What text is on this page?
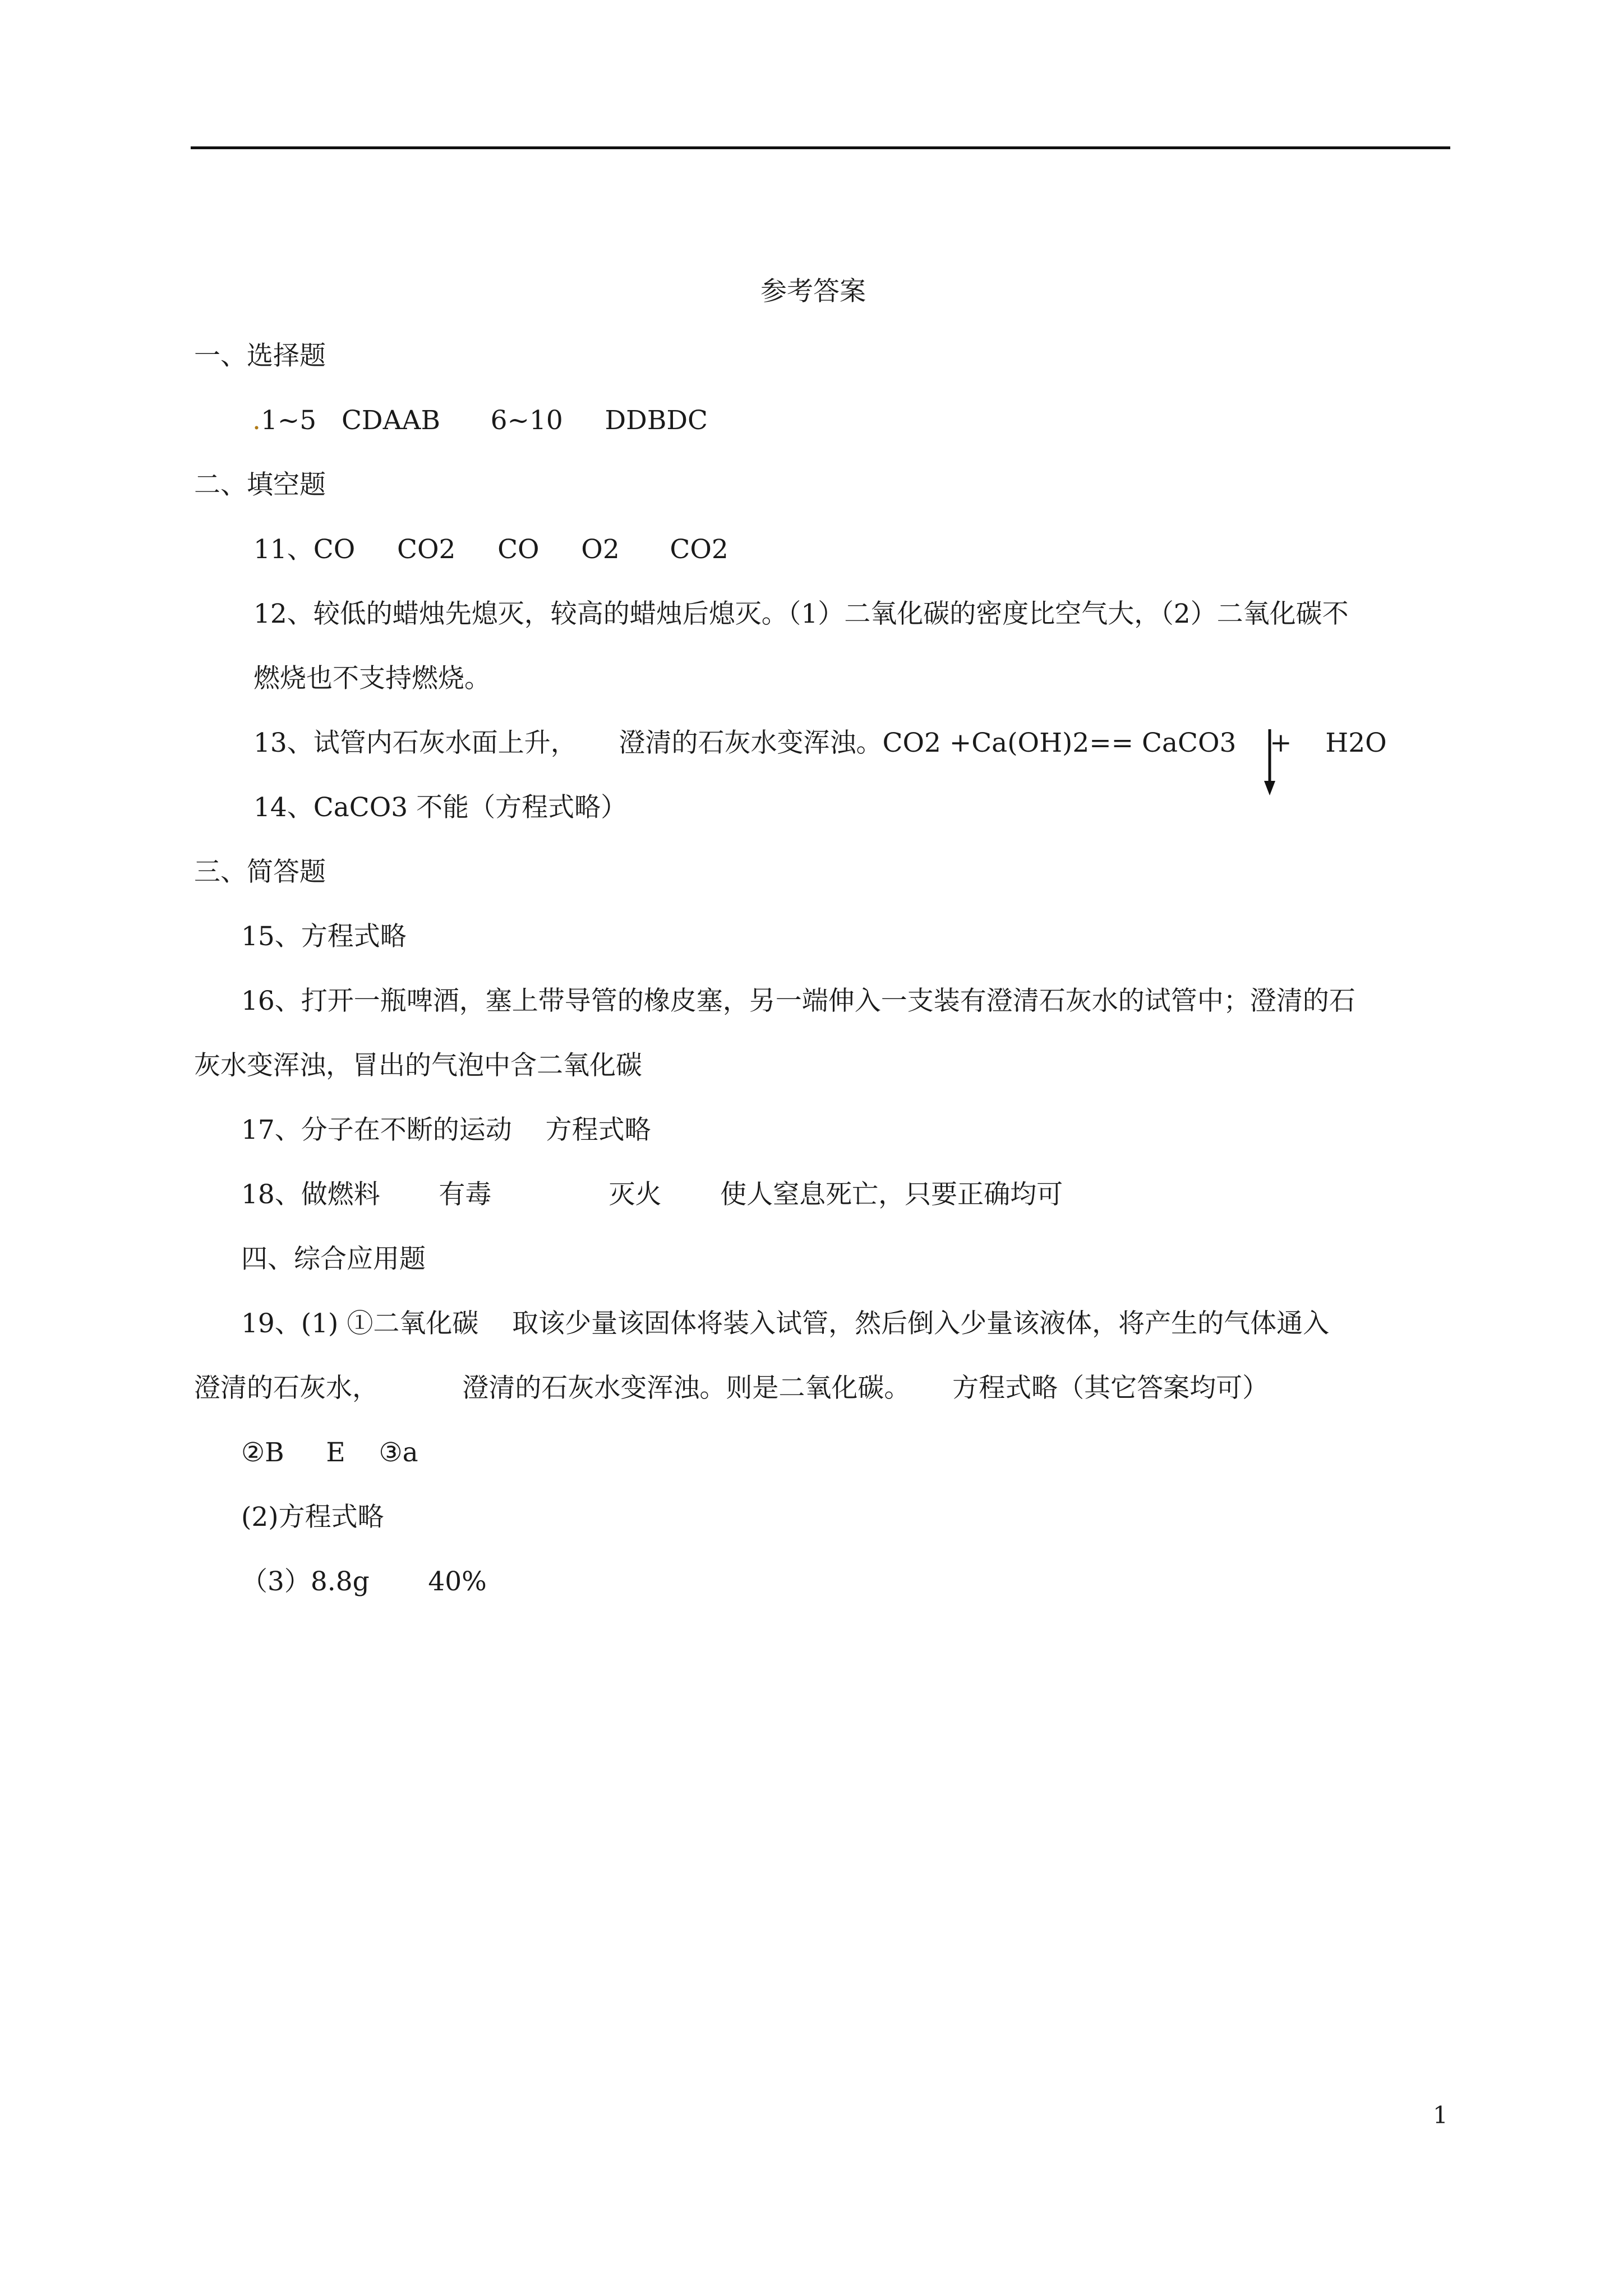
参考答案
一、选择题
.1~5   CDAAB      6~10     DDBDC
二、填空题
11、CO     CO2     CO     O2      CO2
12、较低的蜡烛先熄灭，较高的蜡烛后熄灭。（1）二氧化碳的密度比空气大，（2）二氧化碳不
燃烧也不支持燃烧。
13、试管内石灰水面上升，     澄清的石灰水变浑浊。CO2 +Ca(OH)2== CaCO3    +    H2O
14、CaCO3 不能（方程式略）
三、简答题
15、方程式略
16、打开一瓶啤酒，塞上带导管的橡皮塞，另一端伸入一支装有澄清石灰水的试管中；澄清的石
灰水变浑浊，冒出的气泡中含二氧化碳
17、分子在不断的运动    方程式略
18、做燃料       有毒              灭火       使人窒息死亡，只要正确均可
四、综合应用题
19、(1) ①二氧化碳    取该少量该固体将装入试管，然后倒入少量该液体，将产生的气体通入
澄清的石灰水，          澄清的石灰水变浑浊。则是二氧化碳。     方程式略（其它答案均可）
②B     E    ③a
(2)方程式略
（3）8.8g       40%
1
